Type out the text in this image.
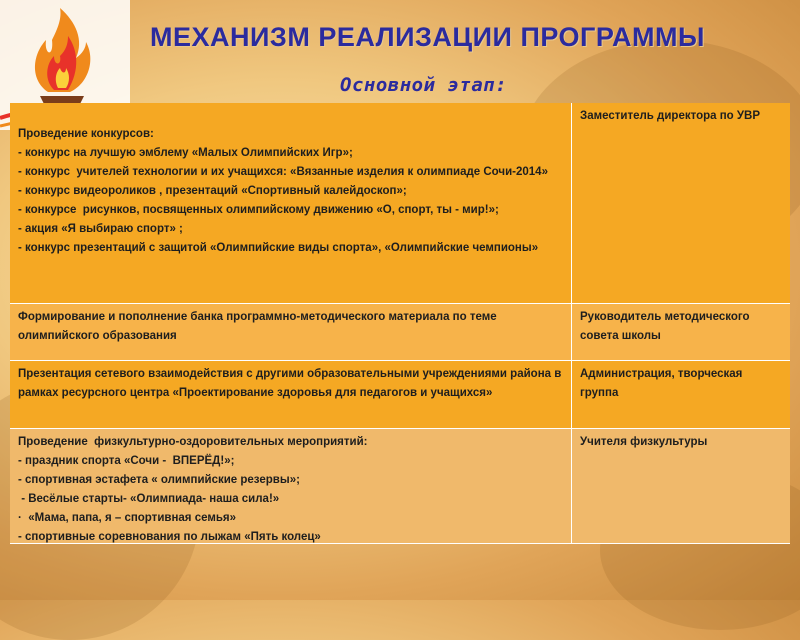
МЕХАНИЗМ РЕАЛИЗАЦИИ ПРОГРАММЫ
Основной этап:
Проведение конкурсов:
- конкурс на лучшую эмблему «Малых Олимпийских Игр»;
- конкурс  учителей технологии и их учащихся: «Вязанные изделия к олимпиаде Сочи-2014»
- конкурс видеороликов , презентаций «Спортивный калейдоскоп»;
- конкурсе  рисунков, посвященных олимпийскому движению «О, спорт, ты - мир!»;
- акция «Я выбираю спорт» ;
- конкурс презентаций с защитой «Олимпийские виды спорта», «Олимпийские чемпионы»
Заместитель директора по УВР
Формирование и пополнение банка программно-методического материала по теме олимпийского образования
Руководитель методического совета школы
Презентация сетевого взаимодействия с другими образовательными учреждениями района в рамках ресурсного центра «Проектирование здоровья для педагогов и учащихся»
Администрация, творческая группа
Проведение  физкультурно-оздоровительных мероприятий:
- праздник спорта «Сочи -  ВПЕРЁД!»;
- спортивная эстафета « олимпийские резервы»;
- Весёлые старты- «Олимпиада- наша сила!»
·  «Мама, папа, я – спортивная семья»
- спортивные соревнования по лыжам «Пять колец»
Учителя физкультуры
